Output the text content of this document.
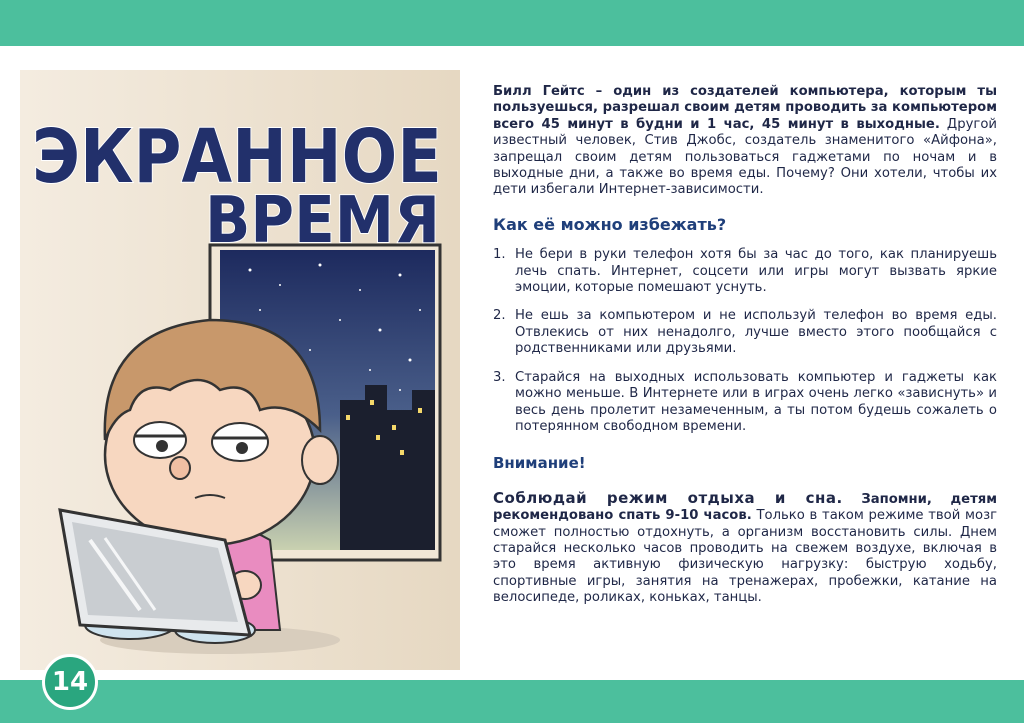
ЭКРАННОЕ
ВРЕМЯ

Билл Гейтс – один из создателей компьютера, которым ты пользуешься, разрешал своим детям проводить за компьютером всего 45 минут в будни и 1 час, 45 минут в выходные. Другой известный человек, Стив Джобс, создатель знаменитого «Айфона», запрещал своим детям пользоваться гаджетами по ночам и в выходные дни, а также во время еды. Почему? Они хотели, чтобы их дети избегали Интернет-зависимости.

Как её можно избежать?
1. Не бери в руки телефон хотя бы за час до того, как планируешь лечь спать. Интернет, соцсети или игры могут вызвать яркие эмоции, которые помешают уснуть.
2. Не ешь за компьютером и не используй телефон во время еды. Отвлекись от них ненадолго, лучше вместо этого пообщайся с родственниками или друзьями.
3. Старайся на выходных использовать компьютер и гаджеты как можно меньше. В Интернете или в играх очень легко «зависнуть» и весь день пролетит незамеченным, а ты потом будешь сожалеть о потерянном свободном времени.
Внимание!

Соблюдай режим отдыха и сна. Запомни, детям рекомендовано спать 9-10 часов. Только в таком режиме твой мозг сможет полностью отдохнуть, а организм восстановить силы. Днем старайся несколько часов проводить на свежем воздухе, включая в это время активную физическую нагрузку: быструю ходьбу, спортивные игры, занятия на тренажерах, пробежки, катание на велосипеде, роликах, коньках, танцы.

14
